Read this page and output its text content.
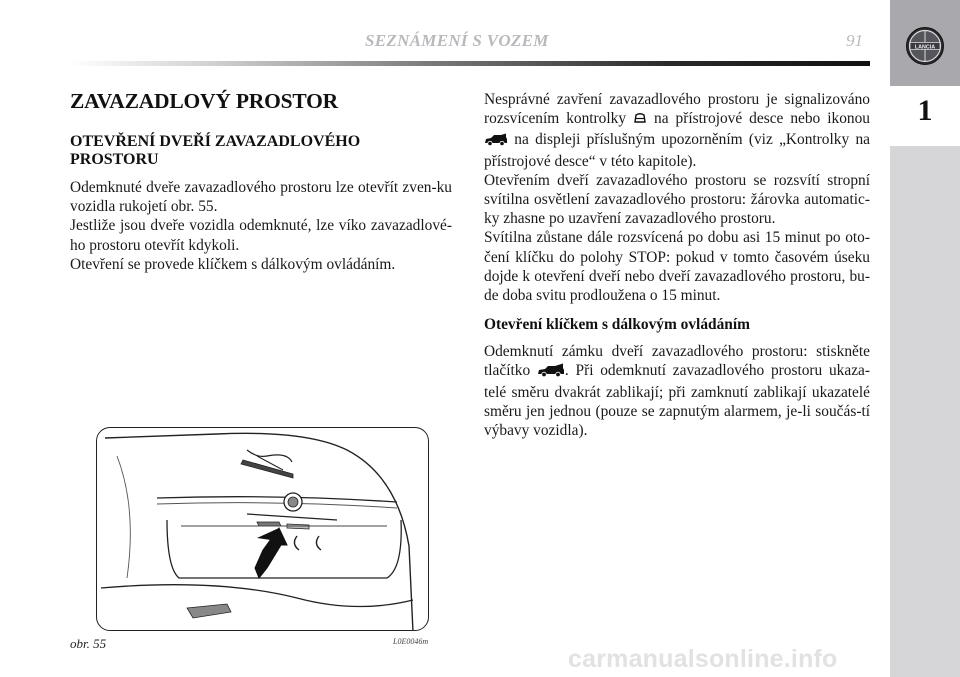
SEZNÁMENÍ S VOZEM	91
1
LANCIA
ZAVAZADLOVÝ PROSTOR
OTEVŘENÍ DVEŘÍ ZAVAZADLOVÉHO PROSTORU

Odemknuté dveře zavazadlového prostoru lze otevřít zven-ku vozidla rukojetí obr. 55.
Jestliže jsou dveře vozidla odemknuté, lze víko zavazadlové-ho prostoru otevřít kdykoli.
Otevření se provede klíčkem s dálkovým ovládáním.

Nesprávné zavření zavazadlového prostoru je signalizováno rozsvícením kontrolky na přístrojové desce nebo ikonou  na displeji příslušným upozorněním (viz „Kontrolky na přístrojové desce“ v této kapitole).

Otevřením dveří zavazadlového prostoru se rozsvítí stropní svítilna osvětlení zavazadlového prostoru: žárovka automatic-ky zhasne po uzavření zavazadlového prostoru.

Svítilna zůstane dále rozsvícená po dobu asi 15 minut po oto-čení klíčku do polohy STOP: pokud v tomto časovém úseku dojde k otevření dveří nebo dveří zavazadlového prostoru, bu-de doba svitu prodloužena o 15 minut.

Otevření klíčkem s dálkovým ovládáním

Odemknutí zámku dveří zavazadlového prostoru: stiskněte tlačítko . Při odemknutí zavazadlového prostoru ukaza-telé směru dvakrát zablikají; při zamknutí zablikají ukazatelé směru jen jednou (pouze se zapnutým alarmem, je-li součás-tí výbavy vozidla).

obr. 55	L0E0046m
carmanualsonline.info
